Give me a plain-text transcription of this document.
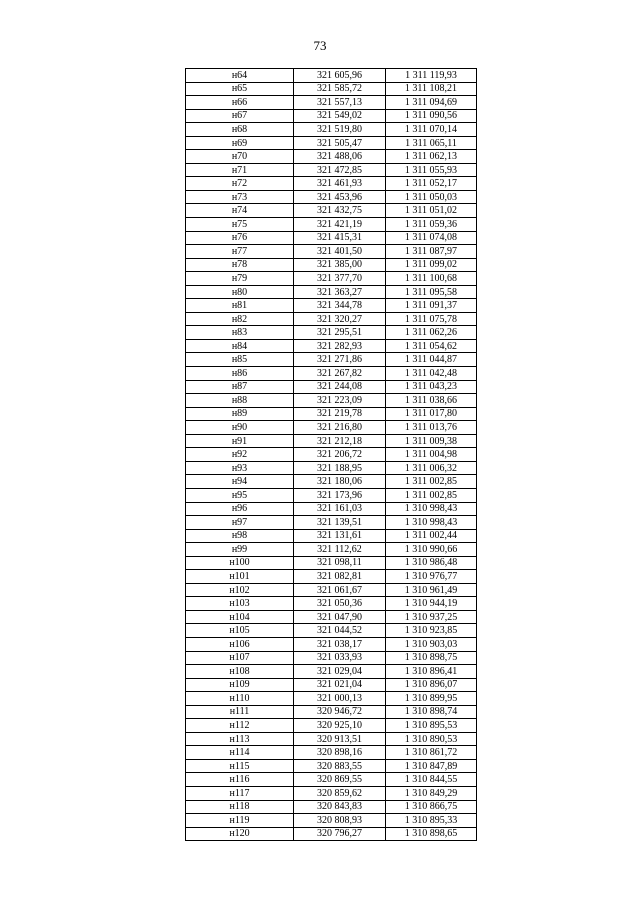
73
н64	321 605,96	1 311 119,93
н65	321 585,72	1 311 108,21
н66	321 557,13	1 311 094,69
н67	321 549,02	1 311 090,56
н68	321 519,80	1 311 070,14
н69	321 505,47	1 311 065,11
н70	321 488,06	1 311 062,13
н71	321 472,85	1 311 055,93
н72	321 461,93	1 311 052,17
н73	321 453,96	1 311 050,03
н74	321 432,75	1 311 051,02
н75	321 421,19	1 311 059,36
н76	321 415,31	1 311 074,08
н77	321 401,50	1 311 087,97
н78	321 385,00	1 311 099,02
н79	321 377,70	1 311 100,68
н80	321 363,27	1 311 095,58
н81	321 344,78	1 311 091,37
н82	321 320,27	1 311 075,78
н83	321 295,51	1 311 062,26
н84	321 282,93	1 311 054,62
н85	321 271,86	1 311 044,87
н86	321 267,82	1 311 042,48
н87	321 244,08	1 311 043,23
н88	321 223,09	1 311 038,66
н89	321 219,78	1 311 017,80
н90	321 216,80	1 311 013,76
н91	321 212,18	1 311 009,38
н92	321 206,72	1 311 004,98
н93	321 188,95	1 311 006,32
н94	321 180,06	1 311 002,85
н95	321 173,96	1 311 002,85
н96	321 161,03	1 310 998,43
н97	321 139,51	1 310 998,43
н98	321 131,61	1 311 002,44
н99	321 112,62	1 310 990,66
н100	321 098,11	1 310 986,48
н101	321 082,81	1 310 976,77
н102	321 061,67	1 310 961,49
н103	321 050,36	1 310 944,19
н104	321 047,90	1 310 937,25
н105	321 044,52	1 310 923,85
н106	321 038,17	1 310 903,03
н107	321 033,93	1 310 898,75
н108	321 029,04	1 310 896,41
н109	321 021,04	1 310 896,07
н110	321 000,13	1 310 899,95
н111	320 946,72	1 310 898,74
н112	320 925,10	1 310 895,53
н113	320 913,51	1 310 890,53
н114	320 898,16	1 310 861,72
н115	320 883,55	1 310 847,89
н116	320 869,55	1 310 844,55
н117	320 859,62	1 310 849,29
н118	320 843,83	1 310 866,75
н119	320 808,93	1 310 895,33
н120	320 796,27	1 310 898,65
